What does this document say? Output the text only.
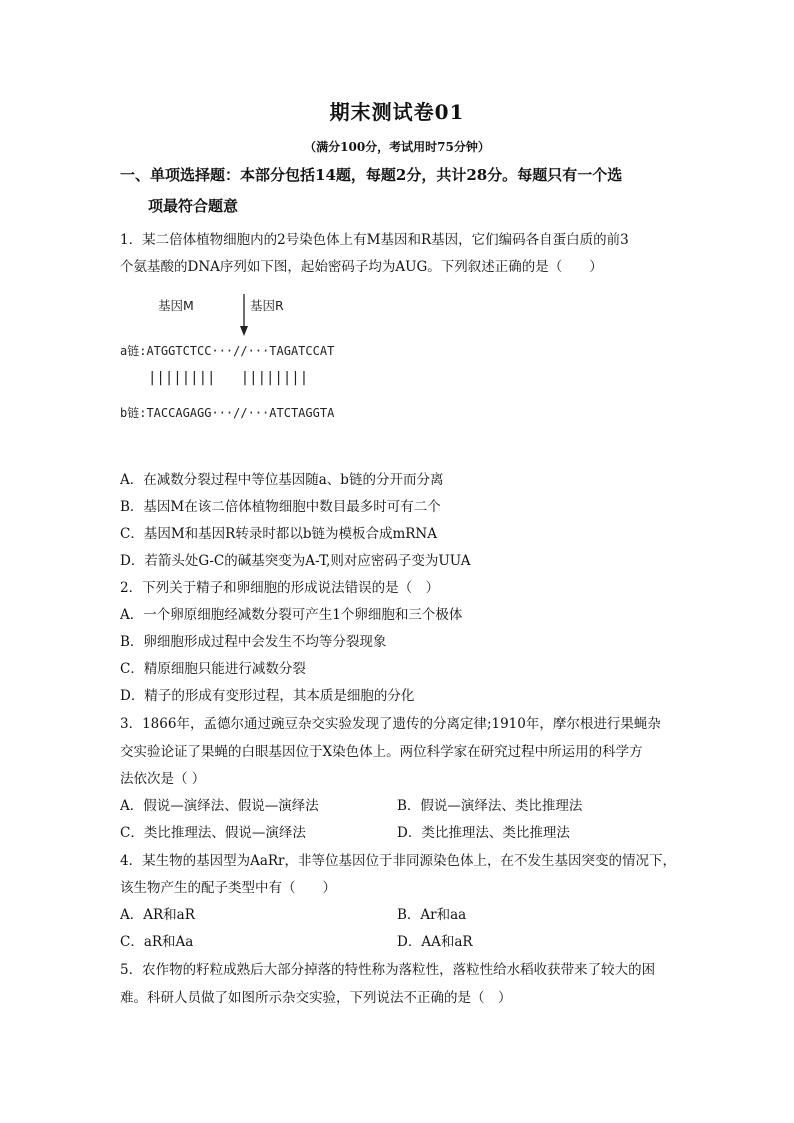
期末测试卷01
（满分100分，考试用时75分钟）
一、单项选择题：本部分包括14题，每题2分，共计28分。每题只有一个选
项最符合题意
1．某二倍体植物细胞内的2号染色体上有M基因和R基因，它们编码各自蛋白质的前3
个氨基酸的DNA序列如下图，起始密码子均为AUG。下列叙述正确的是（　　）
基因M	基因R
a链:ATGGTCTCC···//···TAGATCCAT
||||||||   ||||||||
b链:TACCAGAGG···//···ATCTAGGTA
A．在减数分裂过程中等位基因随a、b链的分开而分离
B．基因M在该二倍体植物细胞中数目最多时可有二个
C．基因M和基因R转录时都以b链为模板合成mRNA
D．若箭头处G-C的碱基突变为A-T,则对应密码子变为UUA
2．下列关于精子和卵细胞的形成说法错误的是（　）
A．一个卵原细胞经减数分裂可产生1个卵细胞和三个极体
B．卵细胞形成过程中会发生不均等分裂现象
C．精原细胞只能进行减数分裂
D．精子的形成有变形过程，其本质是细胞的分化
3．1866年，孟德尔通过豌豆杂交实验发现了遗传的分离定律;1910年，摩尔根进行果蝇杂
交实验论证了果蝇的白眼基因位于X染色体上。两位科学家在研究过程中所运用的科学方
法依次是（ ）
A．假说—演绎法、假说—演绎法	B．假说—演绎法、类比推理法
C．类比推理法、假说—演绎法	D．类比推理法、类比推理法
4．某生物的基因型为AaRr，非等位基因位于非同源染色体上，在不发生基因突变的情况下，
该生物产生的配子类型中有（　　）
A．AR和aR	B．Ar和aa
C．aR和Aa	D．AA和aR
5．农作物的籽粒成熟后大部分掉落的特性称为落粒性，落粒性给水稻收获带来了较大的困
难。科研人员做了如图所示杂交实验，下列说法不正确的是（　）
